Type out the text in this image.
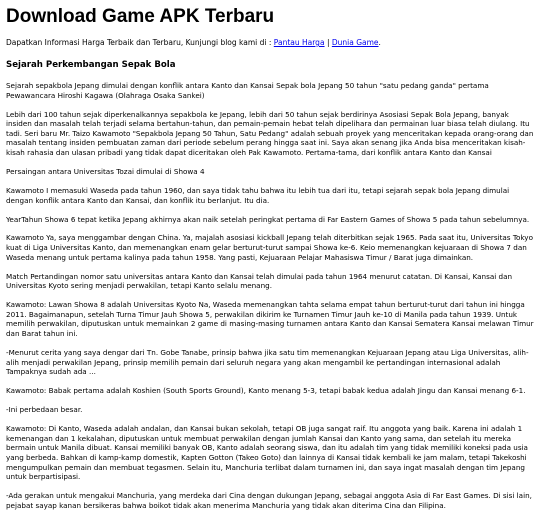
Download Game APK Terbaru
Dapatkan Informasi Harga Terbaik dan Terbaru, Kunjungi blog kami di : Pantau Harga | Dunia Game.
Sejarah Perkembangan Sepak Bola

Sejarah sepakbola Jepang dimulai dengan konflik antara Kanto dan Kansai Sepak bola Jepang 50 tahun "satu pedang ganda" pertama Pewawancara Hiroshi Kagawa (Olahraga Osaka Sankei)

Lebih dari 100 tahun sejak diperkenalkannya sepakbola ke Jepang, lebih dari 50 tahun sejak berdirinya Asosiasi Sepak Bola Jepang, banyak insiden dan masalah telah terjadi selama bertahun-tahun, dan pemain-pemain hebat telah dipelihara dan permainan luar biasa telah diulang. Itu tadi. Seri baru Mr. Taizo Kawamoto "Sepakbola Jepang 50 Tahun, Satu Pedang" adalah sebuah proyek yang menceritakan kepada orang-orang dan masalah tentang insiden pembuatan zaman dari periode sebelum perang hingga saat ini. Saya akan senang jika Anda bisa menceritakan kisah-kisah rahasia dan ulasan pribadi yang tidak dapat diceritakan oleh Pak Kawamoto. Pertama-tama, dari konflik antara Kanto dan Kansai

Persaingan antara Universitas Tozai dimulai di Showa 4

Kawamoto I memasuki Waseda pada tahun 1960, dan saya tidak tahu bahwa itu lebih tua dari itu, tetapi sejarah sepak bola Jepang dimulai dengan konflik antara Kanto dan Kansai, dan konflik itu berlanjut. Itu dia.

YearTahun Showa 6 tepat ketika Jepang akhirnya akan naik setelah peringkat pertama di Far Eastern Games of Showa 5 pada tahun sebelumnya.

Kawamoto Ya, saya menggambar dengan China. Ya, majalah asosiasi kickball Jepang telah diterbitkan sejak 1965. Pada saat itu, Universitas Tokyo kuat di Liga Universitas Kanto, dan memenangkan enam gelar berturut-turut sampai Showa ke-6. Keio memenangkan kejuaraan di Showa 7 dan Waseda menang untuk pertama kalinya pada tahun 1958. Yang pasti, Kejuaraan Pelajar Mahasiswa Timur / Barat juga dimainkan.

Match Pertandingan nomor satu universitas antara Kanto dan Kansai telah dimulai pada tahun 1964 menurut catatan. Di Kansai, Kansai dan Universitas Kyoto sering menjadi perwakilan, tetapi Kanto selalu menang.

Kawamoto: Lawan Showa 8 adalah Universitas Kyoto Na, Waseda memenangkan tahta selama empat tahun berturut-turut dari tahun ini hingga 2011. Bagaimanapun, setelah Turna Timur Jauh Showa 5, perwakilan dikirim ke Turnamen Timur Jauh ke-10 di Manila pada tahun 1939. Untuk memilih perwakilan, diputuskan untuk memainkan 2 game di masing-masing turnamen antara Kanto dan Kansai Sematera Kansai melawan Timur dan Barat tahun ini.

-Menurut cerita yang saya dengar dari Tn. Gobe Tanabe, prinsip bahwa jika satu tim memenangkan Kejuaraan Jepang atau Liga Universitas, alih-alih menjadi perwakilan Jepang, prinsip memilih pemain dari seluruh negara yang akan mengambil ke pertandingan internasional adalah Tampaknya sudah ada ...

Kawamoto: Babak pertama adalah Koshien (South Sports Ground), Kanto menang 5-3, tetapi babak kedua adalah Jingu dan Kansai menang 6-1.

-Ini perbedaan besar.

Kawamoto: Di Kanto, Waseda adalah andalan, dan Kansai bukan sekolah, tetapi OB juga sangat raif. Itu anggota yang baik. Karena ini adalah 1 kemenangan dan 1 kekalahan, diputuskan untuk membuat perwakilan dengan jumlah Kansai dan Kanto yang sama, dan setelah itu mereka bermain untuk Manila dibuat. Kansai memiliki banyak OB, Kanto adalah seorang siswa, dan itu adalah tim yang tidak memiliki koneksi pada usia yang berbeda. Bahkan di kamp-kamp domestik, Kapten Gotton (Takeo Goto) dan lainnya di Kansai tidak kembali ke jam malam, tetapi Takekoshi mengumpulkan pemain dan membuat tegasmen. Selain itu, Manchuria terlibat dalam turnamen ini, dan saya ingat masalah dengan tim Jepang untuk berpartisipasi.

-Ada gerakan untuk mengakui Manchuria, yang merdeka dari Cina dengan dukungan Jepang, sebagai anggota Asia di Far East Games. Di sisi lain, pejabat sayap kanan bersikeras bahwa boikot tidak akan menerima Manchuria yang tidak akan diterima Cina dan Filipina.
